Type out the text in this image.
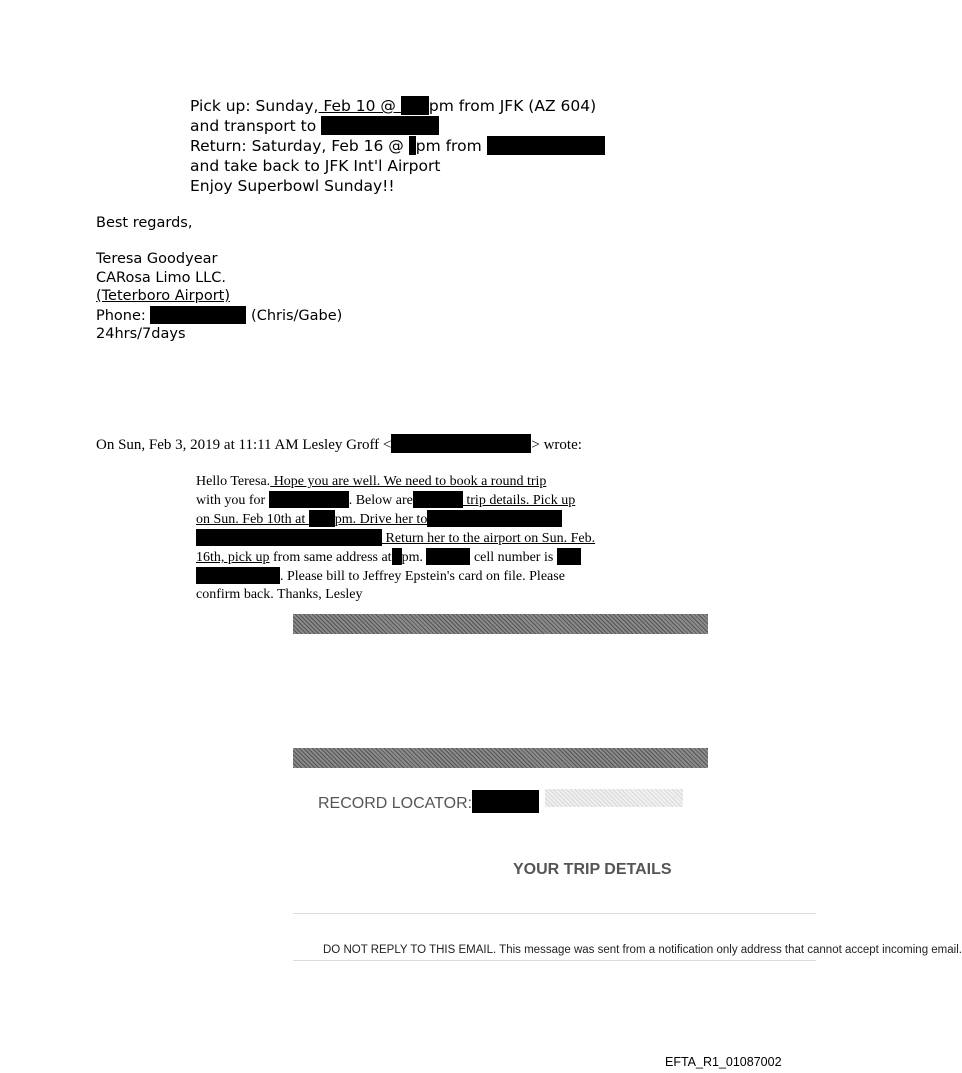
Pick up: Sunday, Feb 10 @ pm from JFK (AZ 604)
and transport to
Return: Saturday, Feb 16 @ pm from
and take back to JFK Int'l Airport
Enjoy Superbowl Sunday!!
Best regards,
Teresa Goodyear
CARosa Limo LLC.
(Teterboro Airport)
Phone:	(Chris/Gabe)
24hrs/7days
On Sun, Feb 3, 2019 at 11:11 AM Lesley Groff <	> wrote:
Hello Teresa. Hope you are well. We need to book a round trip
with you for	. Below are	trip details. Pick up
on Sun. Feb 10th at pm. Drive her to
Return her to the airport on Sun. Feb.
16th, pick up from same address at pm.	cell number is
. Please bill to Jeffrey Epstein's card on file. Please
confirm back. Thanks, Lesley
RECORD LOCATOR:
YOUR TRIP DETAILS
DO NOT REPLY TO THIS EMAIL. This message was sent from a notification only address that cannot accept incoming email.
EFTA_R1_01087002
